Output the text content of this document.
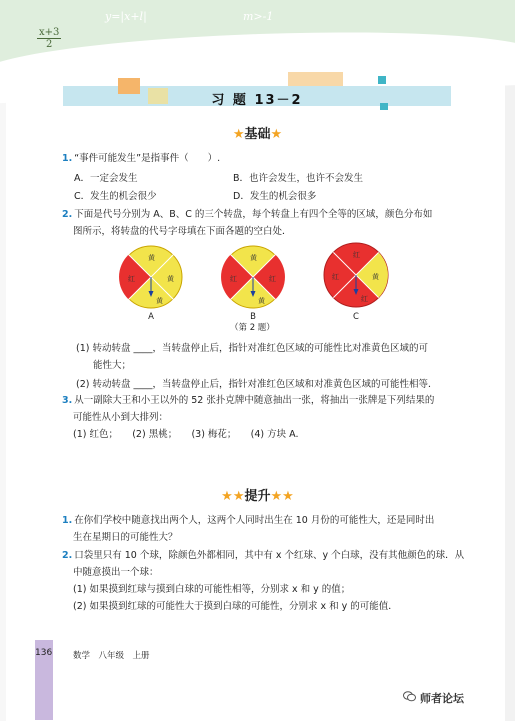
$\frac{x+3}{2}$
y=|x+l|	m>-1
习 题 13－2
★基础★
1. “事件可能发生”是指事件（　　）.
A．一定会发生	B．也许会发生，也许不会发生
C．发生的机会很少	D．发生的机会很多
2. 下面是代号分别为 A、B、C 的三个转盘，每个转盘上有四个全等的区域，颜色分布如
图所示，将转盘的代号字母填在下面各题的空白处．
红
黄
黄
黄
红
黄
红
黄
红
红
黄
红
A	B	C
（第 2 题）
(1) 转动转盘 ____，当转盘停止后，指针对准红色区域的可能性比对准黄色区域的可
能性大；
(2) 转动转盘 ____，当转盘停止后，指针对准红色区域和对准黄色区域的可能性相等．
3. 从一副除大王和小王以外的 52 张扑克牌中随意抽出一张，将抽出一张牌是下列结果的
可能性从小到大排列：
(1) 红色；　　(2) 黑桃；　　(3) 梅花；　　(4) 方块 A.
★★提升★★
1. 在你们学校中随意找出两个人，这两个人同时出生在 10 月份的可能性大，还是同时出
生在星期日的可能性大？
2. 口袋里只有 10 个球，除颜色外都相同，其中有 x 个红球、y 个白球，没有其他颜色的球．从
中随意摸出一个球：
(1) 如果摸到红球与摸到白球的可能性相等，分别求 x 和 y 的值；
(2) 如果摸到红球的可能性大于摸到白球的可能性，分别求 x 和 y 的可能值．
136 数学　八年级　上册
师者论坛
